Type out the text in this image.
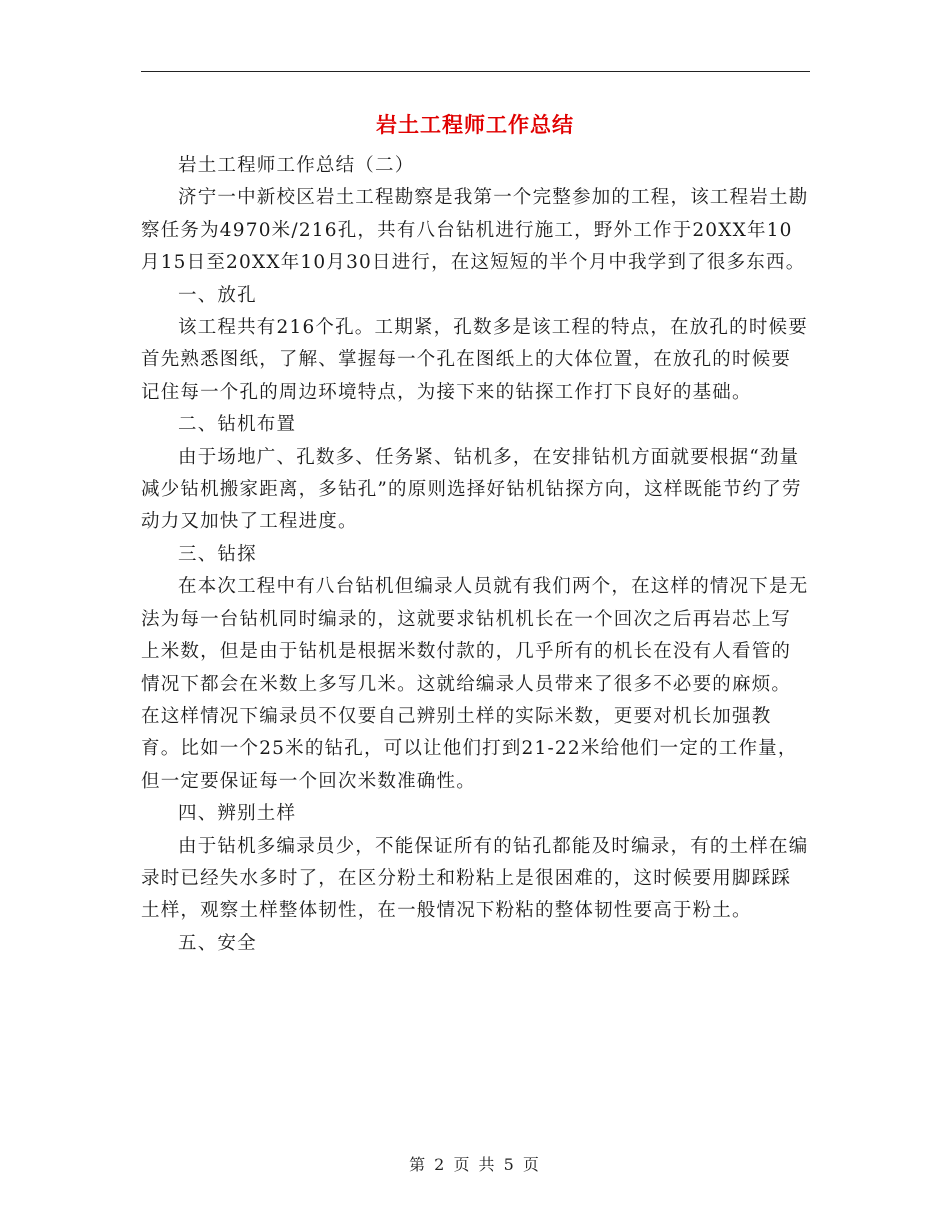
岩土工程师工作总结

岩土工程师工作总结（二）

济宁一中新校区岩土工程勘察是我第一个完整参加的工程，该工程岩土勘察任务为4970米/216孔，共有八台钻机进行施工，野外工作于20XX年10月15日至20XX年10月30日进行，在这短短的半个月中我学到了很多东西。

一、放孔

该工程共有216个孔。工期紧，孔数多是该工程的特点，在放孔的时候要首先熟悉图纸，了解、掌握每一个孔在图纸上的大体位置，在放孔的时候要记住每一个孔的周边环境特点，为接下来的钻探工作打下良好的基础。

二、钻机布置

由于场地广、孔数多、任务紧、钻机多，在安排钻机方面就要根据“劲量减少钻机搬家距离，多钻孔”的原则选择好钻机钻探方向，这样既能节约了劳动力又加快了工程进度。

三、钻探

在本次工程中有八台钻机但编录人员就有我们两个，在这样的情况下是无法为每一台钻机同时编录的，这就要求钻机机长在一个回次之后再岩芯上写上米数，但是由于钻机是根据米数付款的，几乎所有的机长在没有人看管的情况下都会在米数上多写几米。这就给编录人员带来了很多不必要的麻烦。在这样情况下编录员不仅要自己辨别土样的实际米数，更要对机长加强教育。比如一个25米的钻孔，可以让他们打到21-22米给他们一定的工作量，但一定要保证每一个回次米数准确性。

四、辨别土样

由于钻机多编录员少，不能保证所有的钻孔都能及时编录，有的土样在编录时已经失水多时了，在区分粉土和粉粘上是很困难的，这时候要用脚踩踩土样，观察土样整体韧性，在一般情况下粉粘的整体韧性要高于粉土。

五、安全

第 2 页 共 5 页
